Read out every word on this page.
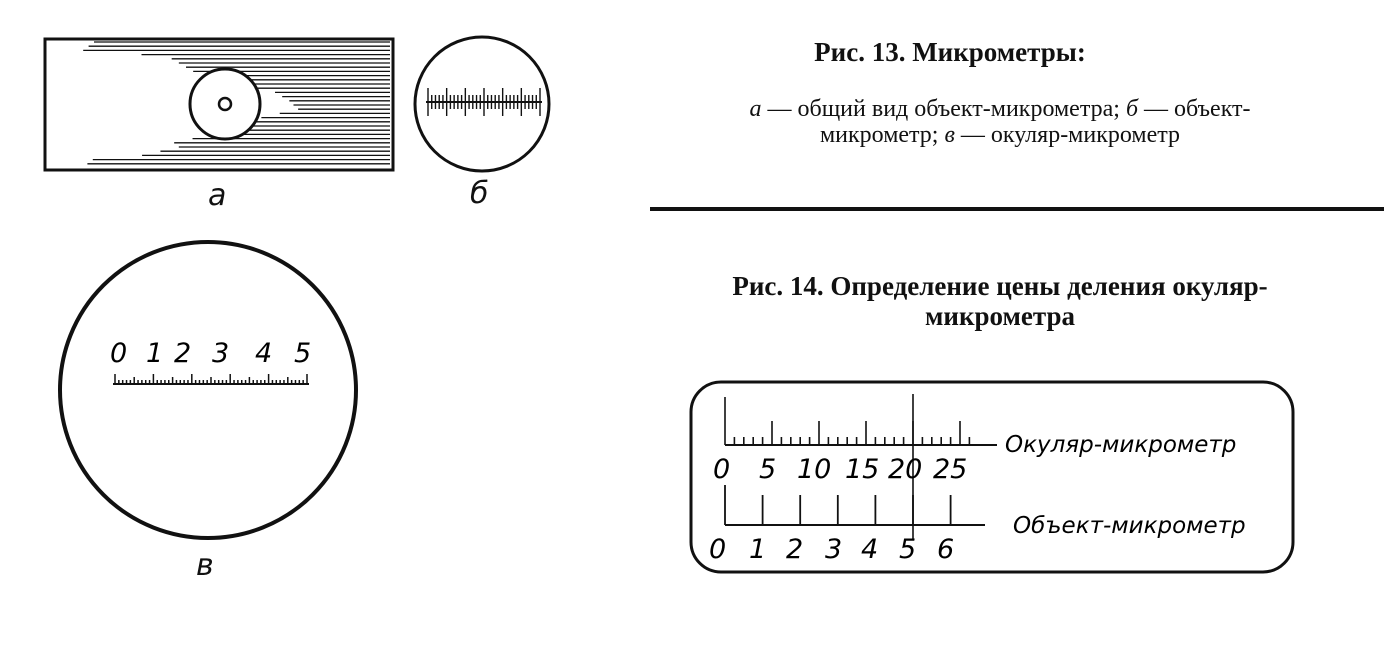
Рис. 13. Микрометры:
а — общий вид объект-микрометра; б — объект-
микрометр; в — окуляр-микрометр
Рис. 14. Определение цены деления окуляр-
микрометра
а	б
0 1 2 3 4 5
в
0 5 10 15 20 25
0 1 2 3 4 5 6
Окуляр-микрометр
Объект-микрометр
